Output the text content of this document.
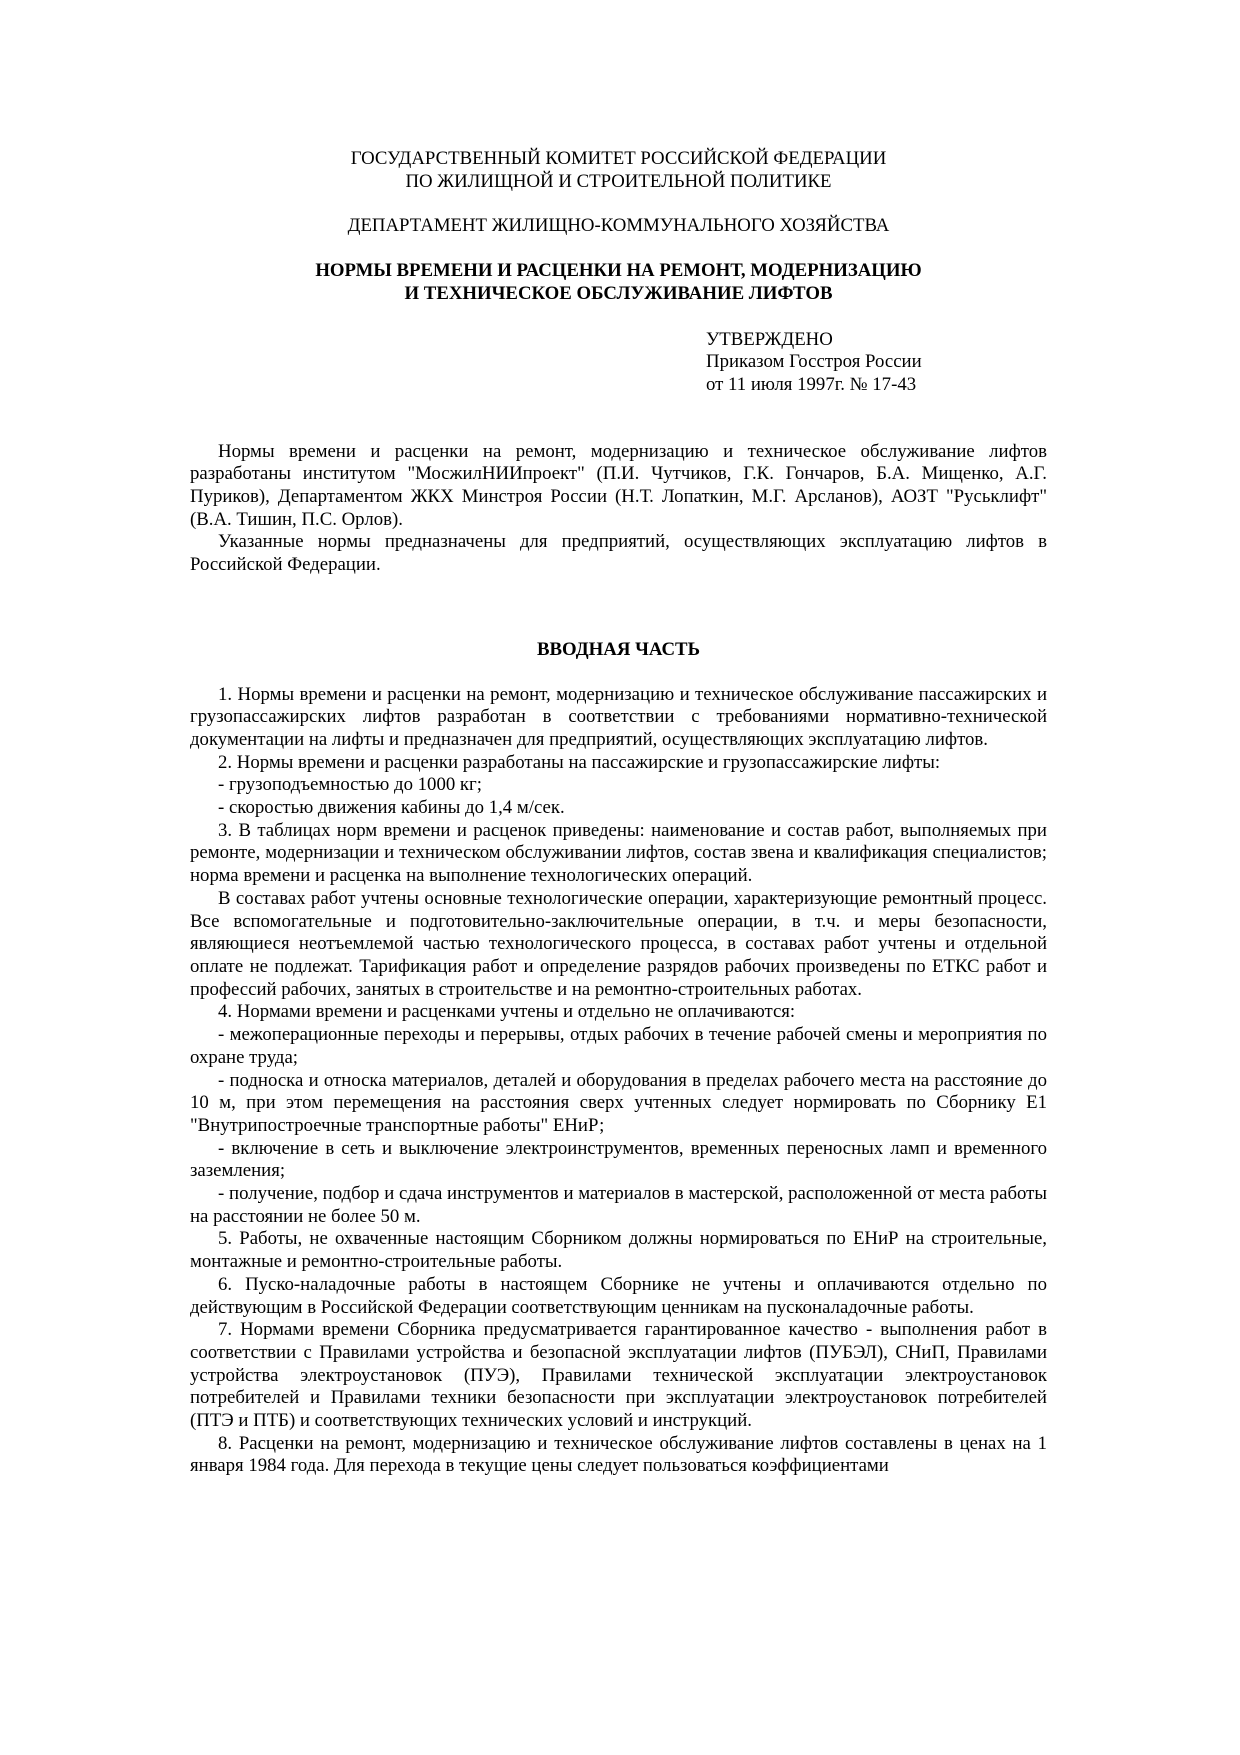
ГОСУДАРСТВЕННЫЙ КОМИТЕТ РОССИЙСКОЙ ФЕДЕРАЦИИ
ПО ЖИЛИЩНОЙ И СТРОИТЕЛЬНОЙ ПОЛИТИКЕ
ДЕПАРТАМЕНТ ЖИЛИЩНО-КОММУНАЛЬНОГО ХОЗЯЙСТВА
НОРМЫ ВРЕМЕНИ И РАСЦЕНКИ НА РЕМОНТ, МОДЕРНИЗАЦИЮ
И ТЕХНИЧЕСКОЕ ОБСЛУЖИВАНИЕ ЛИФТОВ
УТВЕРЖДЕНО
Приказом Госстроя России
от 11 июля 1997г. № 17-43

Нормы времени и расценки на ремонт, модернизацию и техническое обслуживание лифтов разработаны институтом "МосжилНИИпроект" (П.И. Чутчиков, Г.К. Гончаров, Б.А. Мищенко, А.Г. Пуриков), Департаментом ЖКХ Минстроя России (Н.Т. Лопаткин, М.Г. Арсланов), АОЗТ "Руськлифт" (В.А. Тишин, П.С. Орлов).

Указанные нормы предназначены для предприятий, осуществляющих эксплуатацию лифтов в Российской Федерации.

ВВОДНАЯ ЧАСТЬ

1. Нормы времени и расценки на ремонт, модернизацию и техническое обслуживание пассажирских и грузопассажирских лифтов разработан в соответствии с требованиями нормативно-технической документации на лифты и предназначен для предприятий, осуществляющих эксплуатацию лифтов.

2. Нормы времени и расценки разработаны на пассажирские и грузопассажирские лифты:

- грузоподъемностью до 1000 кг;

- скоростью движения кабины до 1,4 м/сек.

3. В таблицах норм времени и расценок приведены: наименование и состав работ, выполняемых при ремонте, модернизации и техническом обслуживании лифтов, состав звена и квалификация специалистов; норма времени и расценка на выполнение технологических операций.

В составах работ учтены основные технологические операции, характеризующие ремонтный процесс. Все вспомогательные и подготовительно-заключительные операции, в т.ч. и меры безопасности, являющиеся неотъемлемой частью технологического процесса, в составах работ учтены и отдельной оплате не подлежат. Тарификация работ и определение разрядов рабочих произведены по ЕТКС работ и профессий рабочих, занятых в строительстве и на ремонтно-строительных работах.

4. Нормами времени и расценками учтены и отдельно не оплачиваются:

- межоперационные переходы и перерывы, отдых рабочих в течение рабочей смены и мероприятия по охране труда;

- подноска и относка материалов, деталей и оборудования в пределах рабочего места на расстояние до 10 м, при этом перемещения на расстояния сверх учтенных следует нормировать по Сборнику Е1 "Внутрипостроечные транспортные работы" ЕНиР;

- включение в сеть и выключение электроинструментов, временных переносных ламп и временного заземления;

- получение, подбор и сдача инструментов и материалов в мастерской, расположенной от места работы на расстоянии не более 50 м.

5. Работы, не охваченные настоящим Сборником должны нормироваться по ЕНиР на строительные, монтажные и ремонтно-строительные работы.

6. Пуско-наладочные работы в настоящем Сборнике не учтены и оплачиваются отдельно по действующим в Российской Федерации соответствующим ценникам на пусконаладочные работы.

7. Нормами времени Сборника предусматривается гарантированное качество - выполнения работ в соответствии с Правилами устройства и безопасной эксплуатации лифтов (ПУБЭЛ), СНиП, Правилами устройства электроустановок (ПУЭ), Правилами технической эксплуатации электроустановок потребителей и Правилами техники безопасности при эксплуатации электроустановок потребителей (ПТЭ и ПТБ) и соответствующих технических условий и инструкций.

8. Расценки на ремонт, модернизацию и техническое обслуживание лифтов составлены в ценах на 1 января 1984 года. Для перехода в текущие цены следует пользоваться коэффициентами
